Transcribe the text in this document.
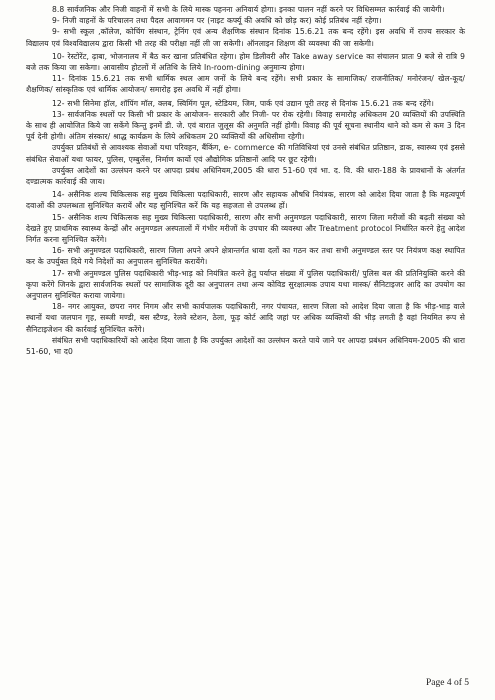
8.8 सार्वजनिक और निजी वाहनों में सभी के लिये मास्क पहनना अनिवार्य होगा। इनका पालन नहीं करने पर विधिसम्मत कार्रवाई की जायेगी।

9- निजी वाहनों के परिचालन तथा पैदल आवागमन पर (नाइट कर्फ्यू की अवधि को छोड़ कर) कोई प्रतिबंध नहीं रहेगा।

9- सभी स्कूल ,कॉलेज, कोचिंग संस्थान, ट्रेनिंग एवं अन्य शैक्षणिक संस्थान दिनांक 15.6.21 तक बन्द रहेंगे। इस अवधि में राज्य सरकार के विद्यालय एवं विश्वविद्यालय द्वारा किसी भी तरह की परीक्षा नहीं ली जा सकेगी। ऑनलाइन शिक्षण की व्यवस्था की जा सकेगी।

10- रेस्टोरेंट, ढ़ाबा, भोजनालय में बैठ कर खाना प्रतिबंधित रहेगा। होम डिलीवरी और Take away service का संचालन प्रातः 9 बजे से रात्रि 9 बजे तक किया जा सकेगा। आवासीय होटलों में अतिथि के लिये In-room-dining अनुमान्य होगा।

11- दिनांक 15.6.21 तक सभी धार्मिक स्थल आम जनों के लिये बन्द रहेंगे। सभी प्रकार के सामाजिक/ राजनीतिक/ मनोरंजन/ खेल-कूद/ शैक्षणिक/ सांस्कृतिक एवं धार्मिक आयोजन/ समारोह इस अवधि में नहीं होगा।

12- सभी सिनेमा हॉल, शॉपिंग मॉल, क्लब, स्विमिंग पूल, स्टेडियम, जिम, पार्क एवं उद्यान पूरी तरह से दिनांक 15.6.21 तक बन्द रहेंगे।

13- सार्वजनिक स्थलों पर किसी भी प्रकार के आयोजन- सरकारी और निजी- पर रोक रहेगी। विवाह समारोह अधिकतम 20 व्यक्तियों की उपस्थिति के साथ ही आयोजित किये जा सकेंगे किन्तु इनमें डी. जे. एवं बारात जुलूस की अनुमति नहीं होगी। विवाह की पूर्व सूचना स्थानीय थाने को कम से कम 3 दिन पूर्व देनी होगी। अंतिम संस्कार/ श्राद्ध कार्यक्रम के लिये अधिकतम 20 व्यक्तियों की अधिसीमा रहेगी।

उपर्युक्त प्रतिबंधों से आवश्यक सेवाओं यथा परिवहन, बैंकिंग, e- commerce की गतिविधियां एवं उनसे संबंधित प्रतिष्ठान, डाक, स्वास्थ्य एवं इससे संबंधित सेवाओं यथा फायर, पुलिस, एम्बुलेंस, निर्माण कार्यो एवं औद्योगिक प्रतिष्ठानों आदि पर छूट रहेगी।

उपर्युक्त आदेशों का उल्लंघन करने पर आपदा प्रबंध अधिनियम,2005 की धारा 51-60 एवं भा. द. वि. की धारा-188 के प्रावधानों के अंतर्गत दण्डात्मक कार्रवाई की जाय।

14- असैनिक शल्य चिकित्सक सह मुख्य चिकित्सा पदाधिकारी, सारण और सहायक औषधि नियंत्रक, सारण को आदेश दिया जाता है कि महत्वपूर्ण दवाओं की उपलब्धता सुनिश्चित करायें और यह सुनिश्चित करें कि यह सहजता से उपलब्ध हों।

15- असैनिक शल्य चिकित्सक सह मुख्य चिकित्सा पदाधिकारी, सारण और सभी अनुमण्डल पदाधिकारी, सारण जिला मरीजों की बढ़ती संख्या को देखते हुए प्राथमिक स्वास्थ्य केन्द्रों और अनुमण्डल अस्पतालों में गंभीर मरीजों के उपचार की व्यवस्था और Treatment protocol निर्धारित करने हेतु आदेश निर्गत करना सुनिश्चित करेंगे।

16- सभी अनुमण्डल पदाधिकारी, सारण जिला अपने अपने क्षेत्रान्तर्गत धावा दलों का गठन कर तथा सभी अनुमण्डल स्तर पर नियंत्रण कक्ष स्थापित कर के उपर्युक्त दिये गये निदेशों का अनुपालन सुनिश्चित करायेंगे।

17- सभी अनुमण्डल पुलिस पदाधिकारी भीड़-भाड़ को नियंत्रित करने हेतु पर्याप्त संख्या में पुलिस पदाधिकारी/ पुलिस बल की प्रतिनियुक्ति करने की कृपा करेंगे जिनके द्वारा सार्वजनिक स्थलों पर सामाजिक दूरी का अनुपालन तथा अन्य कोविड सुरक्षात्मक उपाय यथा मास्क/ सैनिटाइजर आदि का उपयोग का अनुपालन सुनिश्चित कराया जायेगा।

18- नगर आयुक्त, छपरा नगर निगम और सभी कार्यपालक पदाधिकारी, नगर पंचायत, सारण जिला को आदेश दिया जाता है कि भीड़-भाड़ वाले स्थानों यथा जलपान गृह, सब्जी मण्डी, बस स्टैण्ड, रेलवे स्टेशन, ठेला, फूड़ कोर्ट आदि जहां पर अधिक व्यक्तियों की भीड़ लगती है वहां नियमित रूप से सैनिटाइजेशन की कार्रवाई सुनिश्चित करेंगे।

संबंधित सभी पदाधिकारियों को आदेश दिया जाता है कि उपर्युक्त आदेशों का उल्लंघन करते पाये जाने पर आपदा प्रबंधन अधिनियम-2005 की धारा 51-60, भा द0

Page 4 of 5
